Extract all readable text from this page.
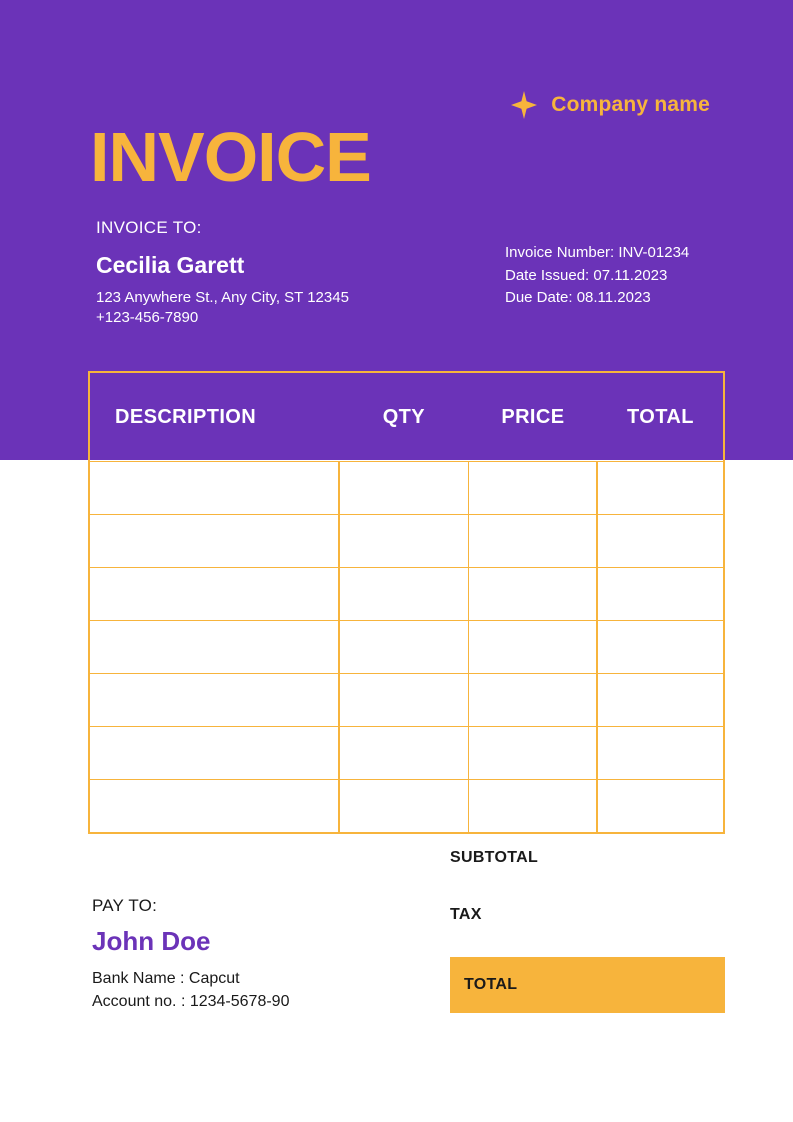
Company name
INVOICE
INVOICE TO:
Cecilia Garett
123 Anywhere St., Any City, ST 12345
+123-456-7890
Invoice Number: INV-01234
Date Issued: 07.11.2023
Due Date: 08.11.2023
DESCRIPTION	QTY	PRICE	TOTAL
SUBTOTAL
TAX
TOTAL
PAY TO:
John Doe
Bank Name : Capcut
Account no. : 1234-5678-90
